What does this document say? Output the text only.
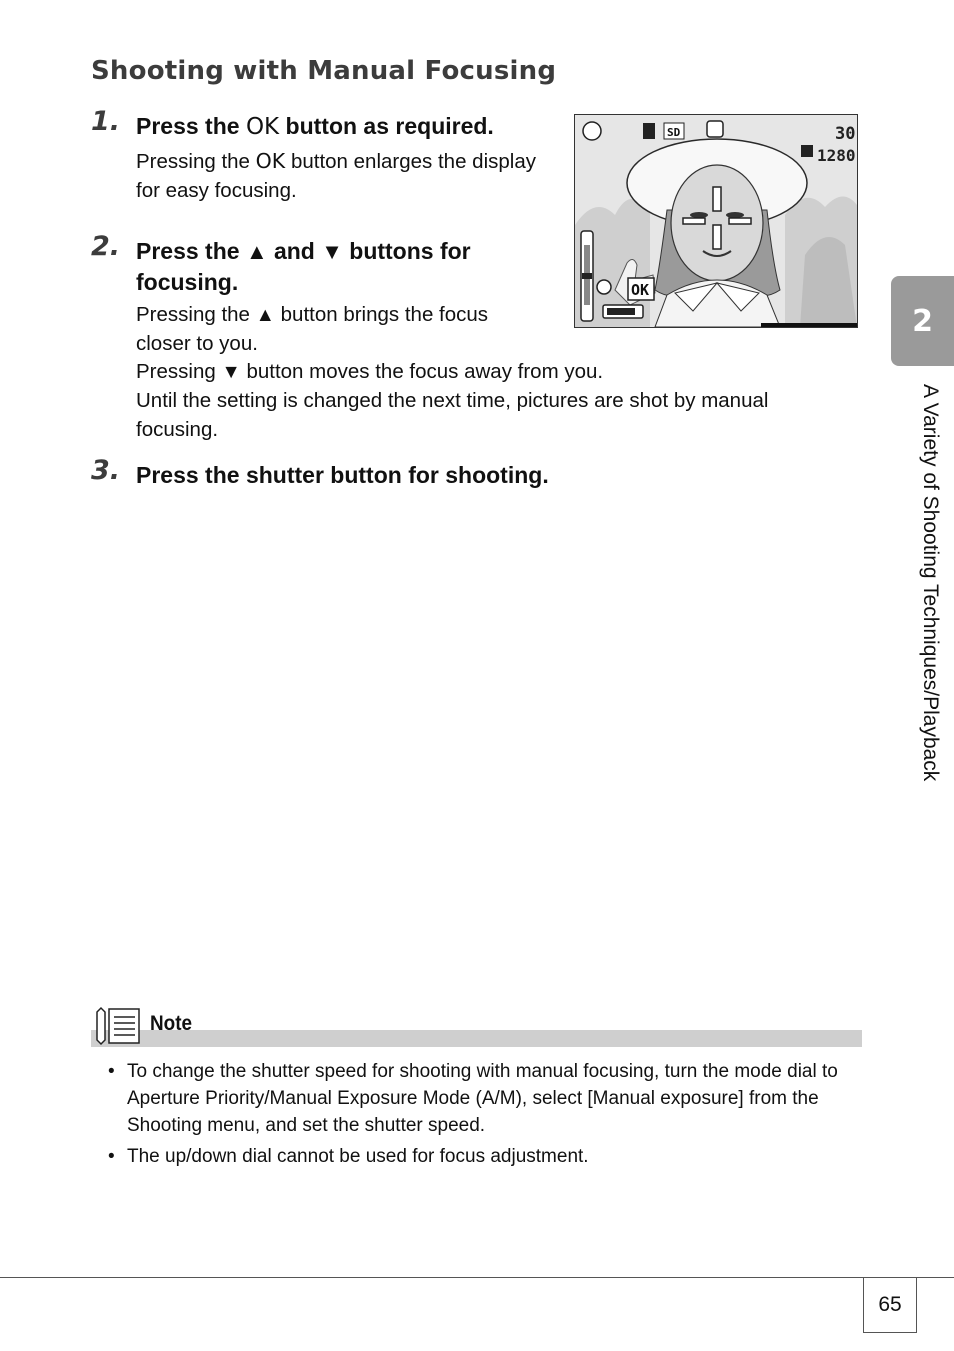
Shooting with Manual Focusing
1. Press the OK button as required.

Pressing the OK button enlarges the display for easy focusing.

2. Press the ▲ and ▼ buttons for
focusing.

Pressing the ▲ button brings the focus
closer to you.
Pressing ▼ button moves the focus away from you.
Until the setting is changed the next time, pictures are shot by manual
focusing.

3. Press the shutter button for shooting.

SD	30
1280
OK
2
A Variety of Shooting Techniques/Playback
Note
• To change the shutter speed for shooting with manual focusing, turn the mode dial to Aperture Priority/Manual Exposure Mode (A/M), select [Manual exposure] from the Shooting menu, and set the shutter speed.
• The up/down dial cannot be used for focus adjustment.
65
